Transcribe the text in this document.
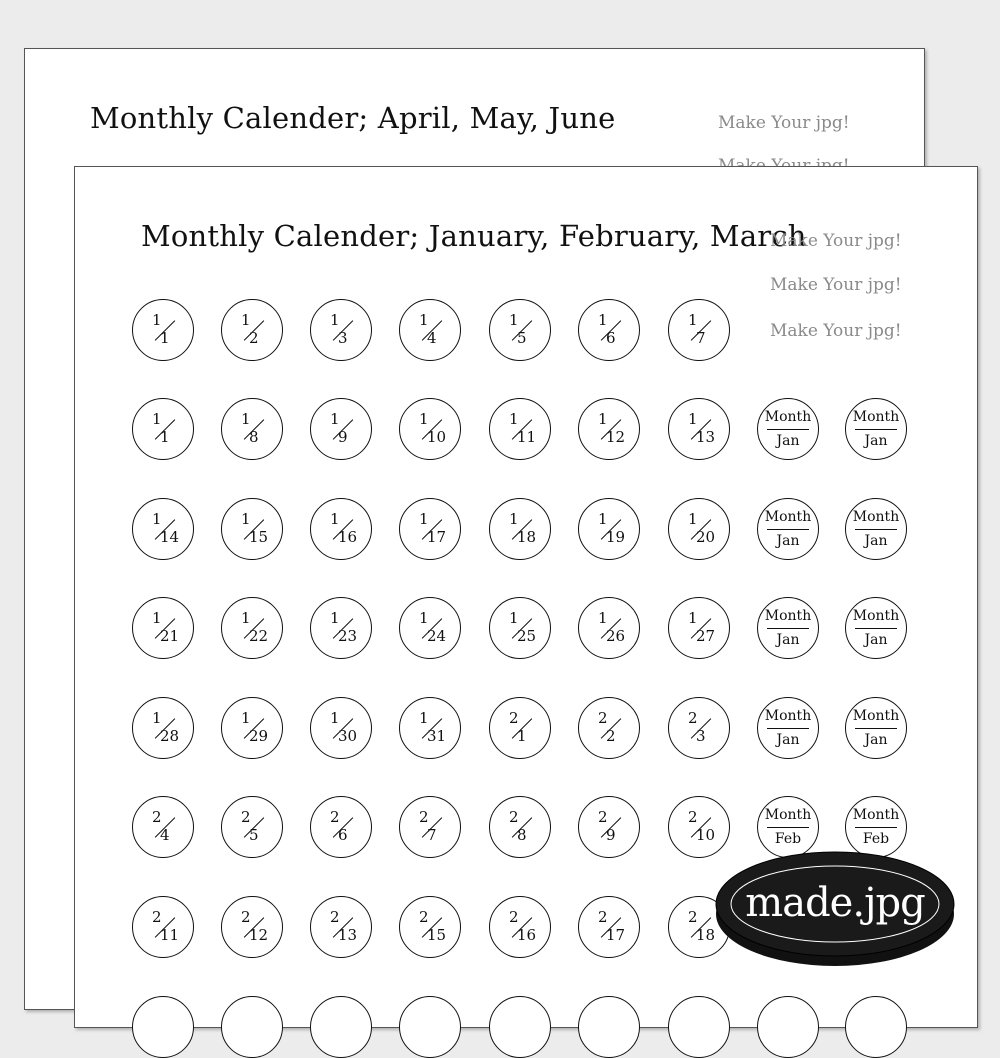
Monthly Calender; April, May, June	Make Your jpg!
Monthly Calender; January, February, March
Make Your jpg!
Make Your jpg!
Make Your jpg!
1
1
1
2
1
3
1
4
1
5
1
6
1
7
1
1
1
8
1
9
1
10
1
11
1
12
1
13
1
14
1
15
1
16
1
17
1
18
1
19
1
20
1
21
1
22
1
23
1
24
1
25
1
26
1
27
1
28
1
29
1
30
1
31
2
1
2
2
2
3
2
4
2
5
2
6
2
7
2
8
2
9
2
10
2
11
2
12
2
13
2
15
2
16
2
17
2
18
Month
Jan
Month
Jan
Month
Jan
Month
Jan
Month
Jan
Month
Jan
Month
Jan
Month
Jan
Month
Feb
Month
Feb
made.jpg
